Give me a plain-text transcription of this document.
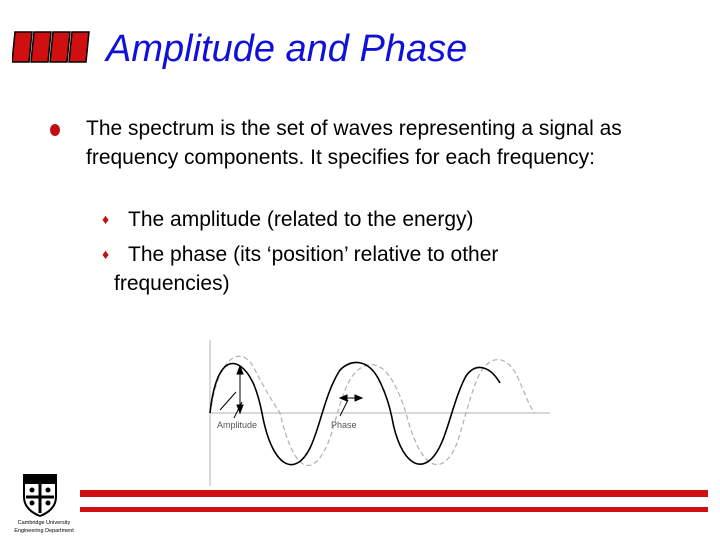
Amplitude and Phase
The spectrum is the set of waves representing a signal as frequency components. It specifies for each frequency:
♦ The amplitude (related to the energy)
♦ The phase (its ‘position’ relative to other
frequencies)
Amplitude	Phase
Cambridge University
Engineering Department
